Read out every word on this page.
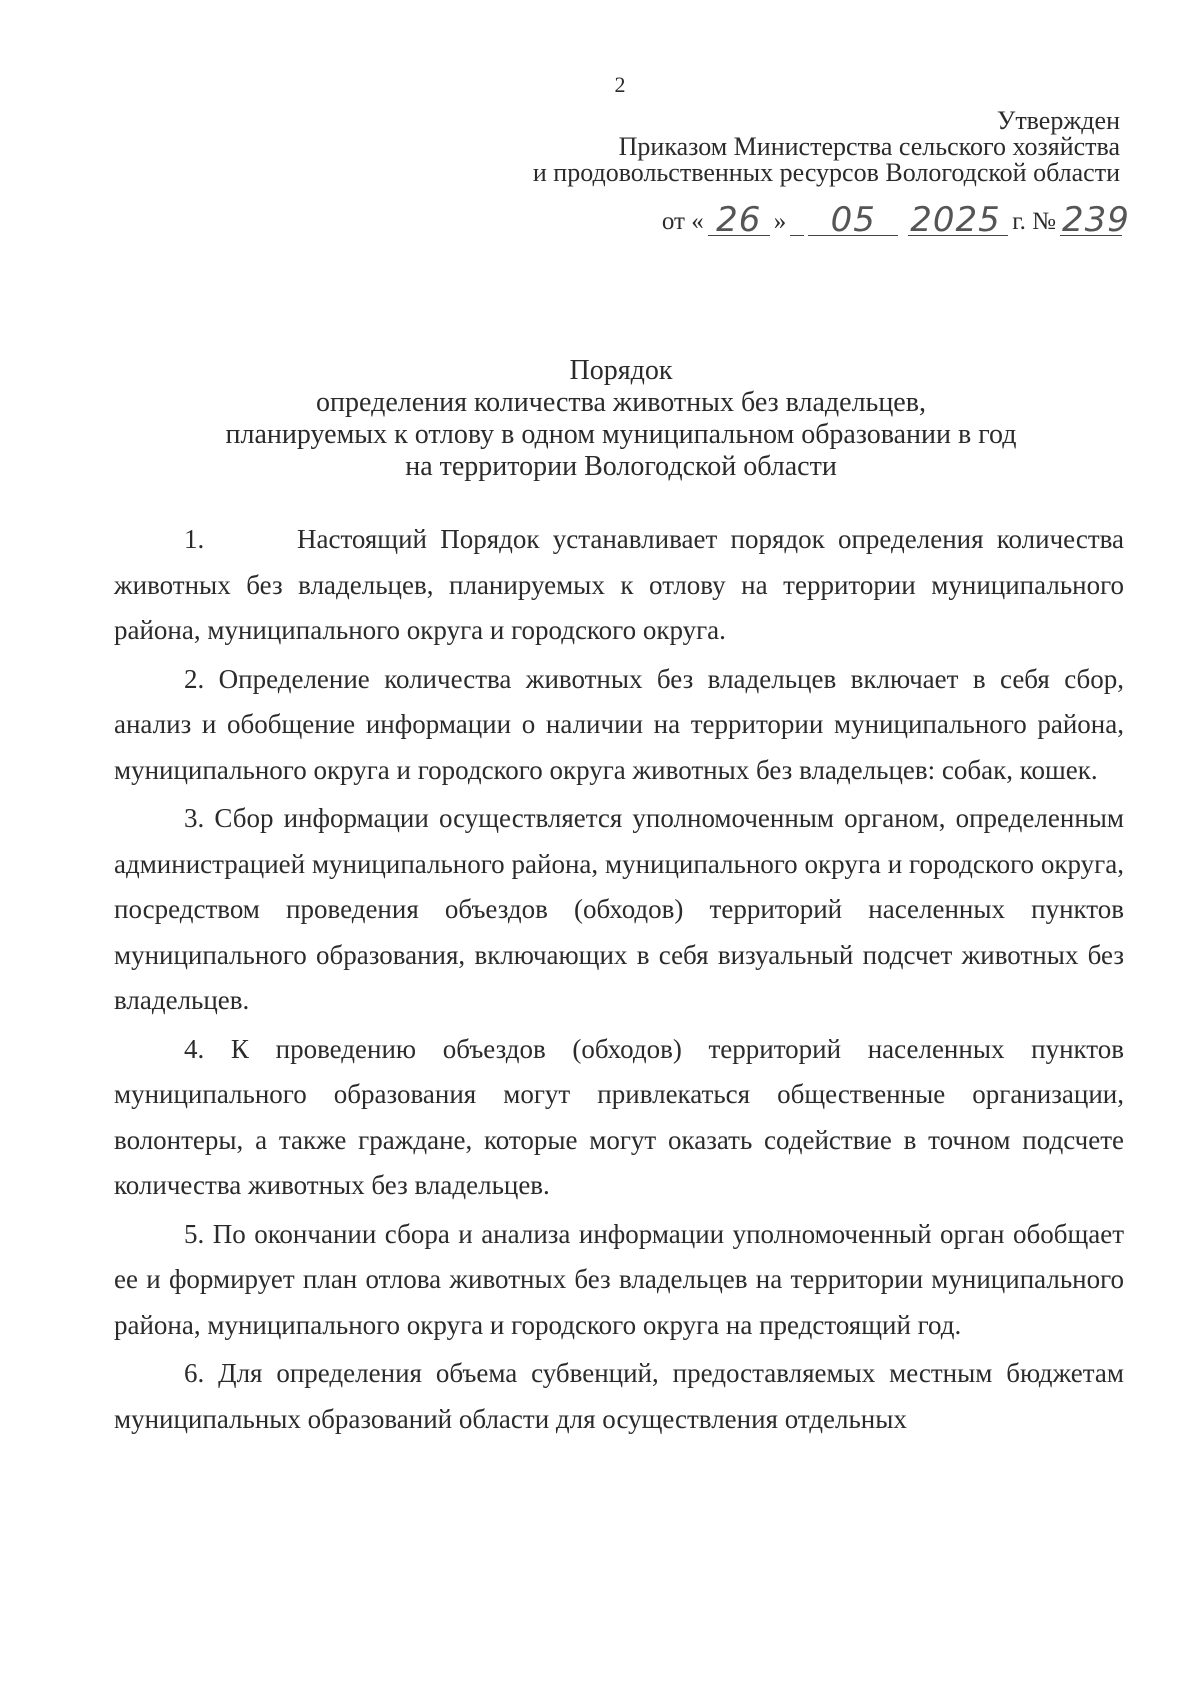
2
Утвержден
Приказом Министерства сельского хозяйства
и продовольственных ресурсов Вологодской области
от « 26 »	05	2025 г. № 239
Порядок
определения количества животных без владельцев,
планируемых к отлову в одном муниципальном образовании в год
на территории Вологодской области

1.       Настоящий Порядок устанавливает порядок определения количества животных без владельцев, планируемых к отлову на территории муниципального района, муниципального округа и городского округа.

2. Определение количества животных без владельцев включает в себя сбор, анализ и обобщение информации о наличии на территории муниципального района, муниципального округа и городского округа животных без владельцев: собак, кошек.

3. Сбор информации осуществляется уполномоченным органом, определенным администрацией муниципального района, муниципального округа и городского округа, посредством проведения объездов (обходов) территорий населенных пунктов муниципального образования, включающих в себя визуальный подсчет животных без владельцев.

4. К проведению объездов (обходов) территорий населенных пунктов муниципального образования могут привлекаться общественные организации, волонтеры, а также граждане, которые могут оказать содействие в точном подсчете количества животных без владельцев.

5. По окончании сбора и анализа информации уполномоченный орган обобщает ее и формирует план отлова животных без владельцев на территории муниципального района, муниципального округа и городского округа на предстоящий год.

6. Для определения объема субвенций, предоставляемых местным бюджетам муниципальных образований области для осуществления отдельных
